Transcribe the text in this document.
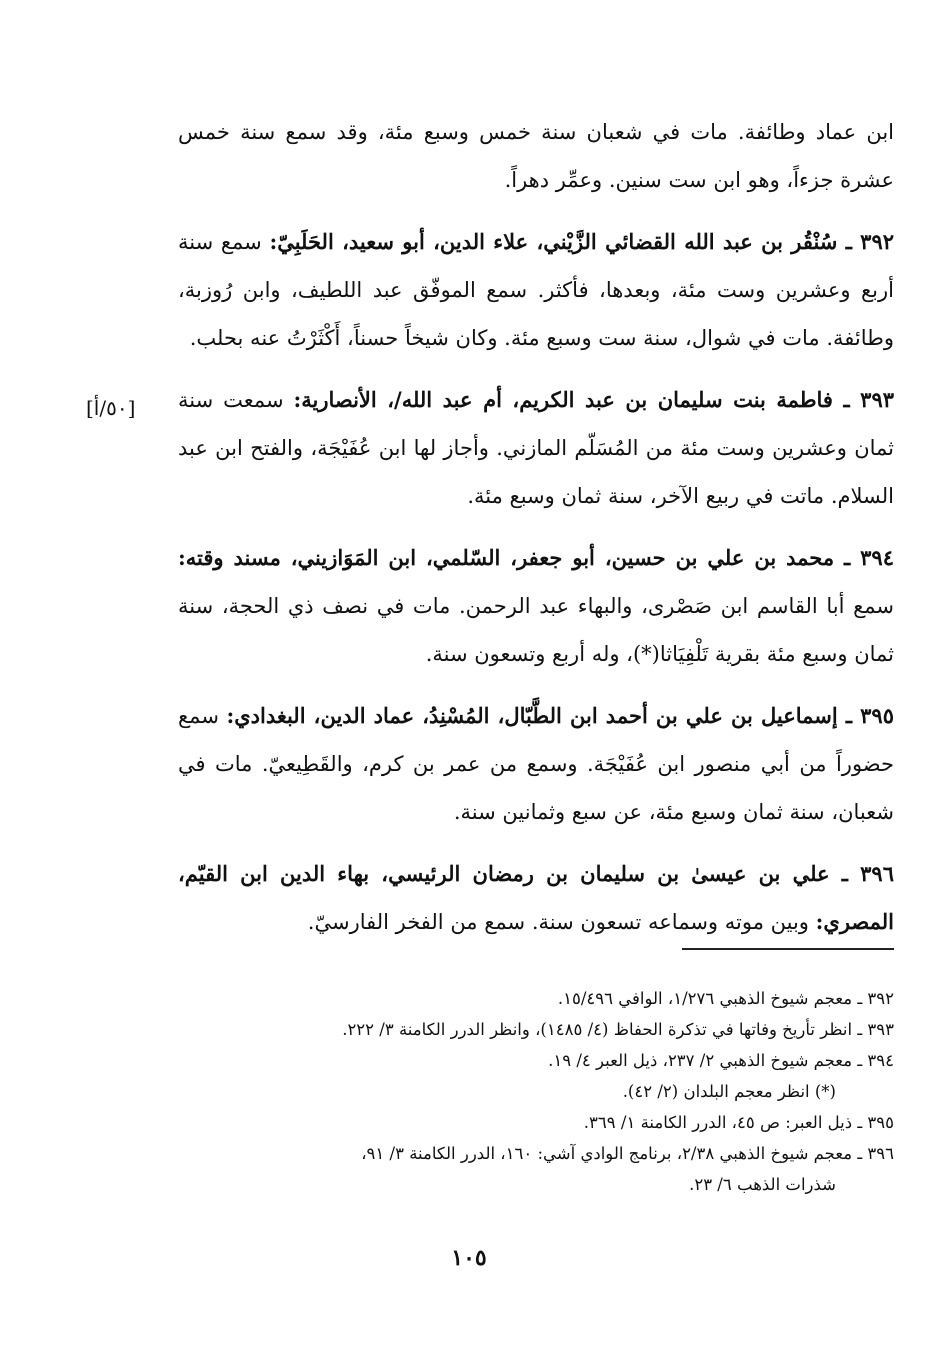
ابن عماد وطائفة. مات في شعبان سنة خمس وسبع مئة، وقد سمع سنة خمس عشرة جزءاً، وهو ابن ست سنين. وعمِّر دهراً.

٣٩٢ ـ سُنْقُر بن عبد الله القضائي الزَّيْني، علاء الدين، أبو سعيد، الحَلَبِيّ: سمع سنة أربع وعشرين وست مئة، وبعدها، فأكثر. سمع الموفّق عبد اللطيف، وابن رُوزبة، وطائفة. مات في شوال، سنة ست وسبع مئة. وكان شيخاً حسناً، أَكْثَرْتُ عنه بحلب.

٣٩٣ ـ فاطمة بنت سليمان بن عبد الكريم، أم عبد الله/، الأنصارية: سمعت سنة ثمان وعشرين وست مئة من المُسَلّم المازني. وأجاز لها ابن عُفَيْجَة، والفتح ابن عبد السلام. ماتت في ربيع الآخر، سنة ثمان وسبع مئة.

٣٩٤ ـ محمد بن علي بن حسين، أبو جعفر، السّلمي، ابن المَوَازيني، مسند وقته: سمع أبا القاسم ابن صَصْرى، والبهاء عبد الرحمن. مات في نصف ذي الحجة، سنة ثمان وسبع مئة بقرية تَلْفِيَاثا(*)، وله أربع وتسعون سنة.

٣٩٥ ـ إسماعيل بن علي بن أحمد ابن الطَّبّال، المُسْنِدُ، عماد الدين، البغدادي: سمع حضوراً من أبي منصور ابن عُفَيْجَة. وسمع من عمر بن كرم، والقَطِيعيّ. مات في شعبان، سنة ثمان وسبع مئة، عن سبع وثمانين سنة.

٣٩٦ ـ علي بن عيسىٰ بن سليمان بن رمضان الرئيسي، بهاء الدين ابن القيّم، المصري: وبين موته وسماعه تسعون سنة. سمع من الفخر الفارسيّ.

[٥٠/أ]

٣٩٢ ـ معجم شيوخ الذهبي ١/٢٧٦، الوافي ١٥/٤٩٦.

٣٩٣ ـ انظر تأريخ وفاتها في تذكرة الحفاظ (٤/ ١٤٨٥)، وانظر الدرر الكامنة ٣/ ٢٢٢.

٣٩٤ ـ معجم شيوخ الذهبي ٢/ ٢٣٧، ذيل العبر ٤/ ١٩.

(*) انظر معجم البلدان (٢/ ٤٢).

٣٩٥ ـ ذيل العبر: ص ٤٥، الدرر الكامنة ١/ ٣٦٩.

٣٩٦ ـ معجم شيوخ الذهبي ٢/٣٨، برنامج الوادي آشي: ١٦٠، الدرر الكامنة ٣/ ٩١،

شذرات الذهب ٦/ ٢٣.

١٠٥
